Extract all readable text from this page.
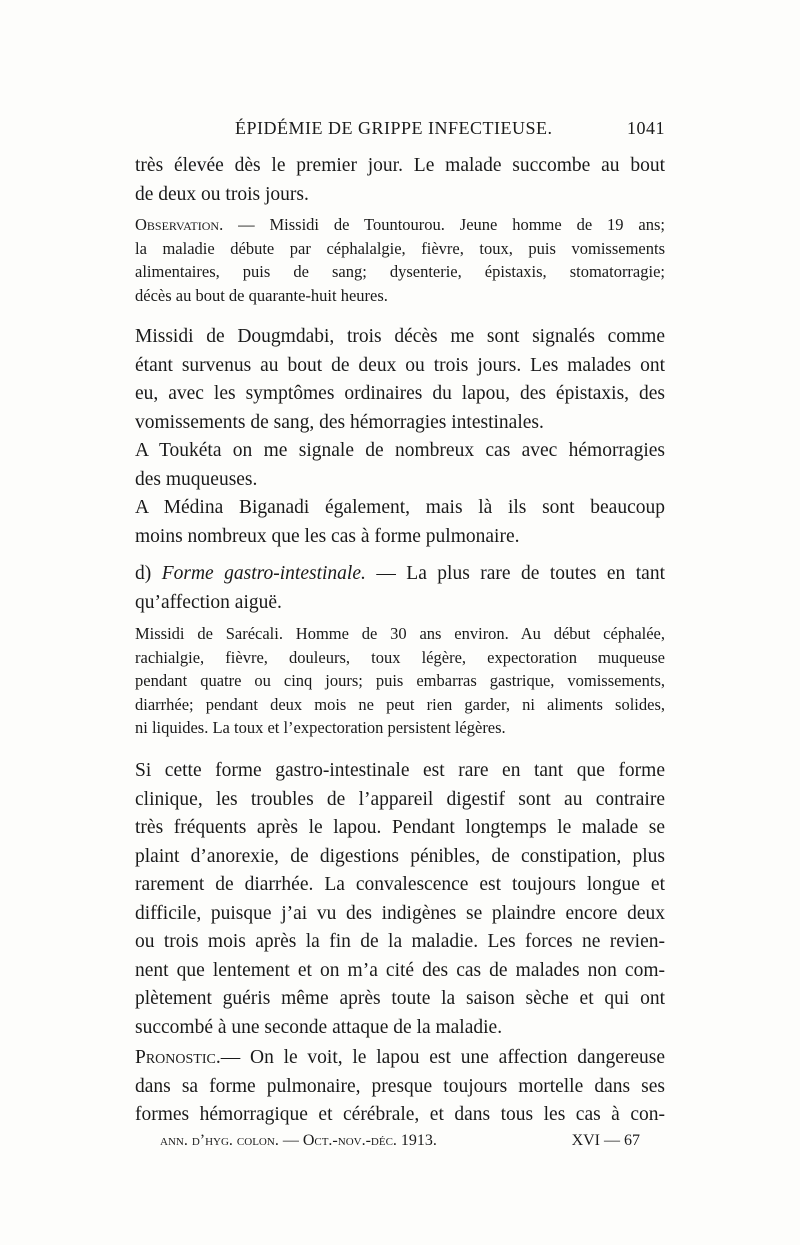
ÉPIDÉMIE DE GRIPPE INFECTIEUSE.	1041
très élevée dès le premier jour. Le malade succombe au bout
de deux ou trois jours.
Observation. — Missidi de Tountourou. Jeune homme de 19 ans;
la maladie débute par céphalalgie, fièvre, toux, puis vomissements
alimentaires, puis de sang; dysenterie, épistaxis, stomatorragie;
décès au bout de quarante-huit heures.
Missidi de Dougmdabi, trois décès me sont signalés comme
étant survenus au bout de deux ou trois jours. Les malades ont
eu, avec les symptômes ordinaires du lapou, des épistaxis, des
vomissements de sang, des hémorragies intestinales.
A Toukéta on me signale de nombreux cas avec hémorragies
des muqueuses.
A Médina Biganadi également, mais là ils sont beaucoup
moins nombreux que les cas à forme pulmonaire.
d) Forme gastro-intestinale. — La plus rare de toutes en tant
qu’affection aiguë.
Missidi de Sarécali. Homme de 30 ans environ. Au début céphalée,
rachialgie, fièvre, douleurs, toux légère, expectoration muqueuse
pendant quatre ou cinq jours; puis embarras gastrique, vomissements,
diarrhée; pendant deux mois ne peut rien garder, ni aliments solides,
ni liquides. La toux et l’expectoration persistent légères.
Si cette forme gastro-intestinale est rare en tant que forme
clinique, les troubles de l’appareil digestif sont au contraire
très fréquents après le lapou. Pendant longtemps le malade se
plaint d’anorexie, de digestions pénibles, de constipation, plus
rarement de diarrhée. La convalescence est toujours longue et
difficile, puisque j’ai vu des indigènes se plaindre encore deux
ou trois mois après la fin de la maladie. Les forces ne revien-
nent que lentement et on m’a cité des cas de malades non com-
plètement guéris même après toute la saison sèche et qui ont
succombé à une seconde attaque de la maladie.
Pronostic.— On le voit, le lapou est une affection dangereuse
dans sa forme pulmonaire, presque toujours mortelle dans ses
formes hémorragique et cérébrale, et dans tous les cas à con-
ann. d’hyg. colon. — Oct.-nov.-déc. 1913.	XVI — 67
